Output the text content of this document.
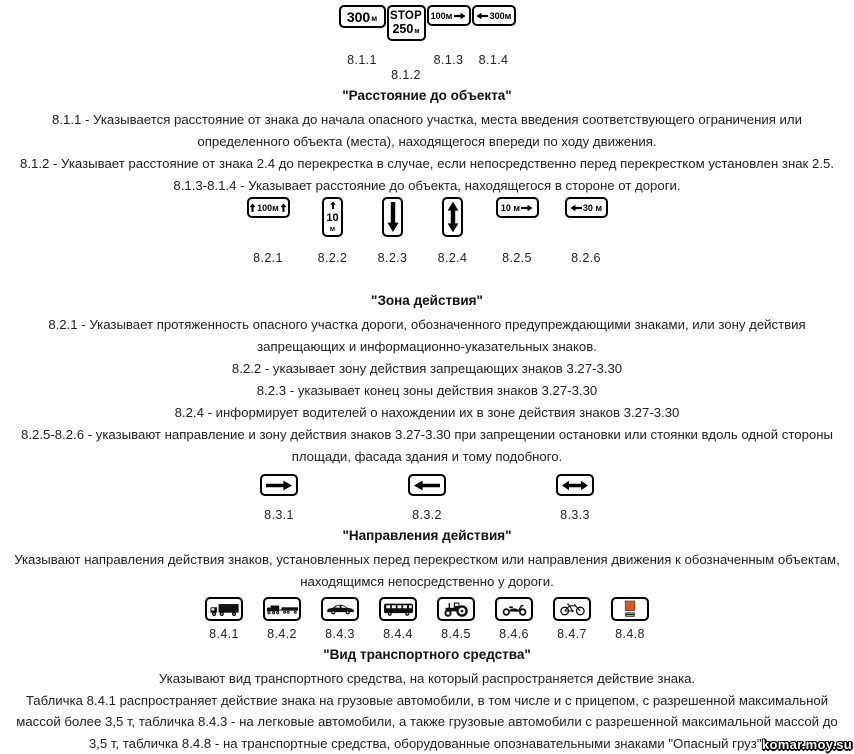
300 м
8.1.1
STOP
250 м
8.1.2
100м
8.1.3
300м
8.1.4
"Расстояние до объекта"

8.1.1 - Указывается расстояние от знака до начала опасного участка, места введения соответствующего ограничения или определенного объекта (места), находящегося впереди по ходу движения.

8.1.2 - Указывает расстояние от знака 2.4 до перекрестка в случае, если непосредственно перед перекрестком установлен знак 2.5.

8.1.3-8.1.4 - Указывает расстояние до объекта, находящегося в стороне от дороги.

100м
8.2.1
10
м
8.2.2 8.2.3 8.2.4
10 м
8.2.5
30 м
8.2.6
"Зона действия"

8.2.1 - Указывает протяженность опасного участка дороги, обозначенного предупреждающими знаками, или зону действия запрещающих и информационно-указательных знаков.

8.2.2 - указывает зону действия запрещающих знаков 3.27-3.30

8.2.3 - указывает конец зоны действия знаков 3.27-3.30

8.2.4 - информирует водителей о нахождении их в зоне действия знаков 3.27-3.30

8.2.5-8.2.6 - указывают направление и зону действия знаков 3.27-3.30 при запрещении остановки или стоянки вдоль одной стороны площади, фасада здания и тому подобного.

8.3.1	8.3.2	8.3.3
"Направления действия"

Указывают направления действия знаков, установленных перед перекрестком или направления движения к обозначенным объектам, находящимся непосредственно у дороги.

8.4.1 8.4.2 8.4.3 8.4.4 8.4.5 8.4.6 8.4.7 8.4.8
"Вид транспортного средства"

Указывают вид транспортного средства, на который распространяется действие знака.

Табличка 8.4.1 распространяет действие знака на грузовые автомобили, в том числе и с прицепом, с разрешенной максимальной массой более 3,5 т, табличка 8.4.3 - на легковые автомобили, а также грузовые автомобили с разрешенной максимальной массой до 3,5 т, табличка 8.4.8 - на транспортные средства, оборудованные опознавательными знаками "Опасный груз".

komar.moy.su
